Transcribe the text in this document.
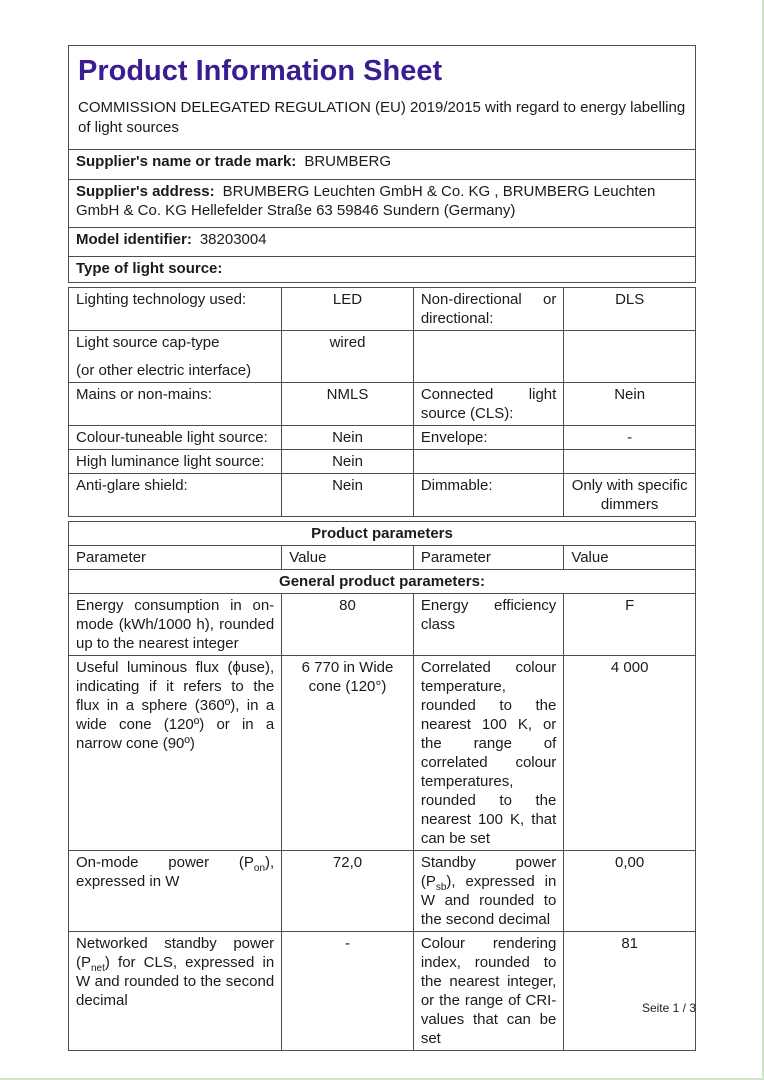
Product Information Sheet
COMMISSION DELEGATED REGULATION (EU) 2019/2015 with regard to energy labelling of light sources

Supplier's name or trade mark: BRUMBERG
Supplier's address: BRUMBERG Leuchten GmbH & Co. KG , BRUMBERG Leuchten GmbH & Co. KG Hellefelder Straße 63 59846 Sundern (Germany)
Model identifier: 38203004
Type of light source:
Lighting technology used:	LED	Non-directional or directional:	DLS

Light source cap-type
(or other electric interface)	wired		
Mains or non-mains:	NMLS	Connected light source (CLS):	Nein
Colour-tuneable light source:	Nein	Envelope:	-
High luminance light source:	Nein		
Anti-glare shield:	Nein	Dimmable:	Only with specific dimmers
Product parameters			
Parameter	Value	Parameter	Value
General product parameters:			
Energy consumption in on-mode (kWh/1000 h), rounded up to the nearest integer	80	Energy efficiency class	F
Useful luminous flux (ϕuse), indicating if it refers to the flux in a sphere (360º), in a wide cone (120º) or in a narrow cone (90º)	6 770 in Wide cone (120°)	Correlated colour temperature, rounded to the nearest 100 K, or the range of correlated colour temperatures, rounded to the nearest 100 K, that can be set	4 000
On-mode power $(P_{on})$, expressed in W	72,0	Standby power $(P_{sb})$, expressed in W and rounded to the second decimal	0,00
Networked standby power $(P_{net})$ for CLS, expressed in W and rounded to the second decimal	-	Colour rendering index, rounded to the nearest integer, or the range of CRI-values that can be set	81
Seite 1 / 3
